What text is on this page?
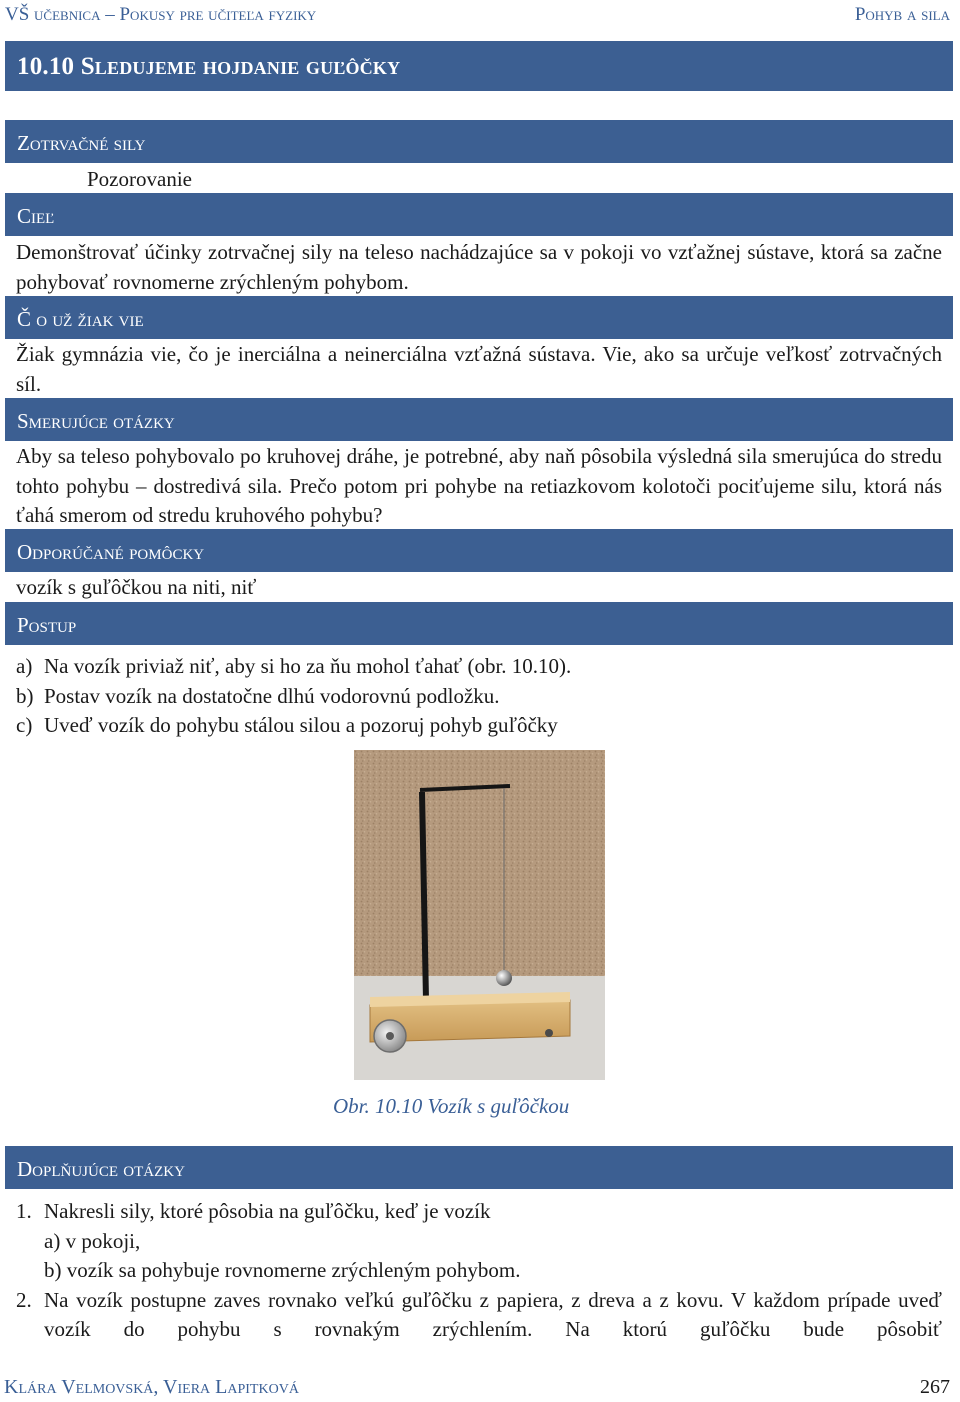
VŠ učebnica – Pokusy pre učiteľa fyziky	Pohyb a sila
10.10 Sledujeme hojdanie guľôčky
Zotrvačné sily
Pozorovanie
Cieľ
Demonštrovať účinky zotrvačnej sily na teleso nachádzajúce sa v pokoji vo vzťažnej sústave, ktorá sa začne pohybovať rovnomerne zrýchleným pohybom.
Č o už žiak vie
Žiak gymnázia vie, čo je inerciálna a neinerciálna vzťažná sústava. Vie, ako sa určuje veľkosť zotrvačných síl.
Smerujúce otázky
Aby sa teleso pohybovalo po kruhovej dráhe, je potrebné, aby naň pôsobila výsledná sila smerujúca do stredu tohto pohybu – dostredivá sila. Prečo potom pri pohybe na retiazkovom kolotoči pociťujeme silu, ktorá nás ťahá smerom od stredu kruhového pohybu?
Odporúčané pomôcky
vozík s guľôčkou na niti, niť
Postup
a) Na vozík priviaž niť, aby si ho za ňu mohol ťahať (obr. 10.10).
b) Postav vozík na dostatočne dlhú vodorovnú podložku.
c) Uveď vozík do pohybu stálou silou a pozoruj pohyb guľôčky
Obr. 10.10 Vozík s guľôčkou
Doplňujúce otázky
1. Nakresli sily, ktoré pôsobia na guľôčku, keď je vozík
a) v pokoji,
b) vozík sa pohybuje rovnomerne zrýchleným pohybom.
2. Na vozík postupne zaves rovnako veľkú guľôčku z papiera, z dreva a z kovu. V každom prípade uveď vozík do pohybu s rovnakým zrýchlením. Na ktorú guľôčku bude pôsobiť
Klára Velmovská, Viera Lapitková	267
